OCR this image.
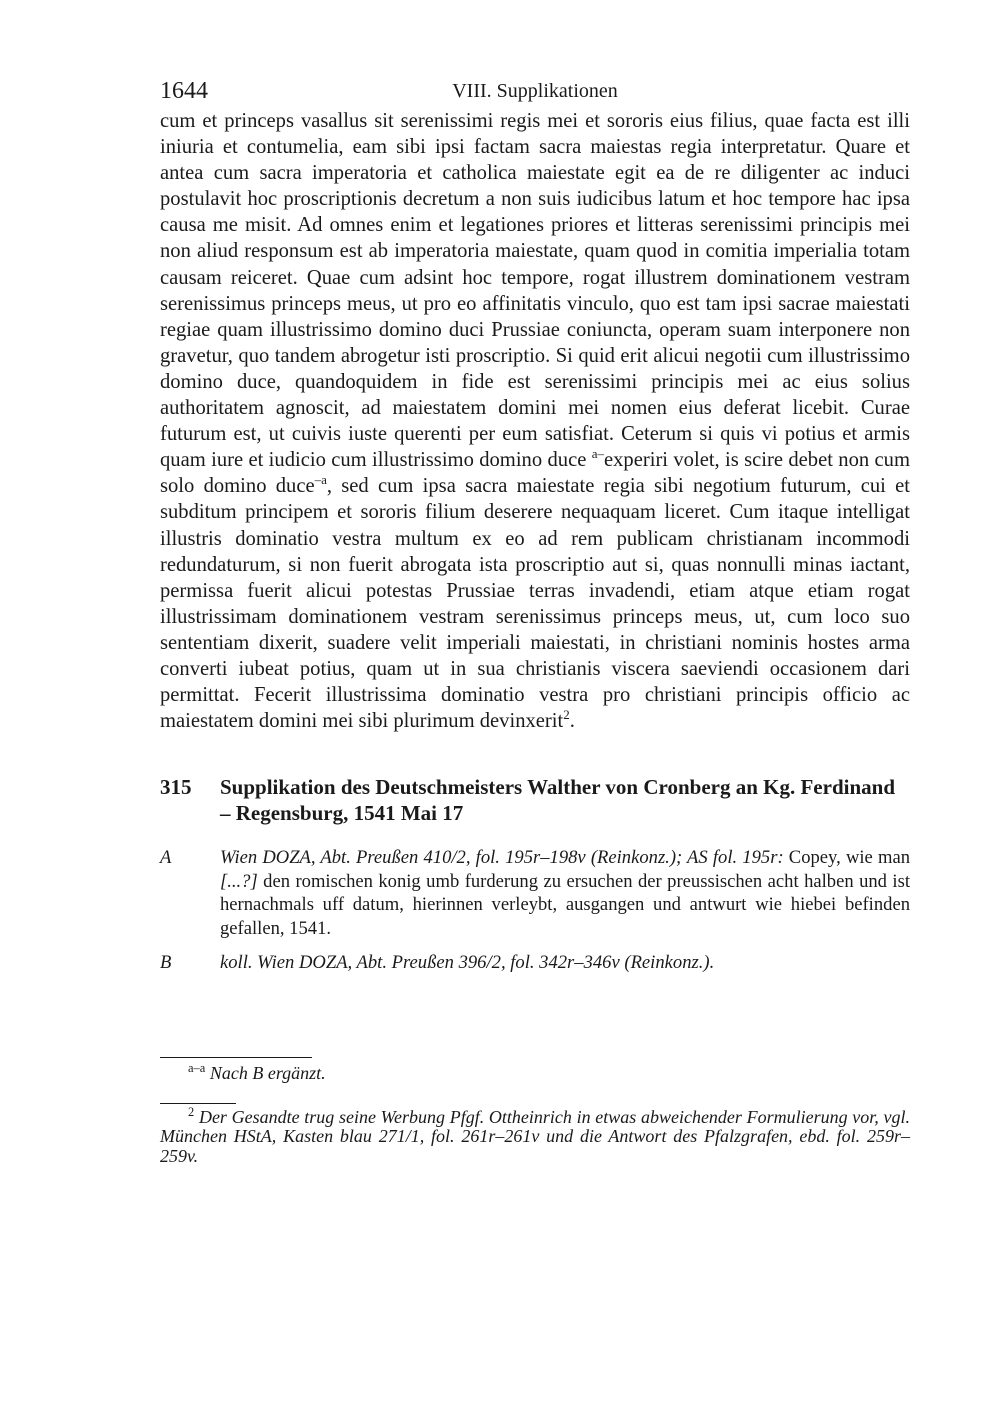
1644	VIII. Supplikationen

cum et princeps vasallus sit serenissimi regis mei et sororis eius filius, quae facta est illi iniuria et contumelia, eam sibi ipsi factam sacra maiestas regia interpretatur. Quare et antea cum sacra imperatoria et catholica maiestate egit ea de re diligenter ac induci postulavit hoc proscriptionis decretum a non suis iudicibus latum et hoc tempore hac ipsa causa me misit. Ad omnes enim et legationes priores et litteras serenissimi principis mei non aliud responsum est ab imperatoria maiestate, quam quod in comitia imperialia totam causam reiceret. Quae cum adsint hoc tempore, rogat illustrem dominationem vestram serenissimus princeps meus, ut pro eo affinitatis vinculo, quo est tam ipsi sacrae maiestati regiae quam illustrissimo domino duci Prussiae coniuncta, operam suam interponere non gravetur, quo tandem abrogetur isti proscriptio. Si quid erit alicui negotii cum illustrissimo domino duce, quandoquidem in fide est serenissimi principis mei ac eius solius authoritatem agnoscit, ad maiestatem domini mei nomen eius deferat licebit. Curae futurum est, ut cuivis iuste querenti per eum satisfiat. Ceterum si quis vi potius et armis quam iure et iudicio cum illustrissimo domino duce $^{a-}$experiri volet, is scire debet non cum solo domino duce$^{-a}$, sed cum ipsa sacra maiestate regia sibi negotium futurum, cui et subditum principem et sororis filium deserere nequaquam liceret. Cum itaque intelligat illustris dominatio vestra multum ex eo ad rem publicam christianam incommodi redundaturum, si non fuerit abrogata ista proscriptio aut si, quas nonnulli minas iactant, permissa fuerit alicui potestas Prussiae terras invadendi, etiam atque etiam rogat illustrissimam dominationem vestram serenissimus princeps meus, ut, cum loco suo sententiam dixerit, suadere velit imperiali maiestati, in christiani nominis hostes arma converti iubeat potius, quam ut in sua christianis viscera saeviendi occasionem dari permittat. Fecerit illustrissima dominatio vestra pro christiani principis officio ac maiestatem domini mei sibi plurimum devinxerit$^2$.

315 Supplikation des Deutschmeisters Walther von Cronberg an Kg. Ferdinand – Regensburg, 1541 Mai 17
A	Wien DOZA, Abt. Preußen 410/2, fol. 195r–198v (Reinkonz.); AS fol. 195r: Copey, wie man [...?] den romischen konig umb furderung zu ersuchen der preussischen acht halben und ist hernachmals uff datum, hierinnen verleybt, ausgangen und antwurt wie hiebei befinden gefallen, 1541.
B	koll. Wien DOZA, Abt. Preußen 396/2, fol. 342r–346v (Reinkonz.).

$^{a-a}$ Nach B ergänzt.

$^2$ Der Gesandte trug seine Werbung Pfgf. Ottheinrich in etwas abweichender Formulierung vor, vgl. München HStA, Kasten blau 271/1, fol. 261r–261v und die Antwort des Pfalzgrafen, ebd. fol. 259r–259v.
